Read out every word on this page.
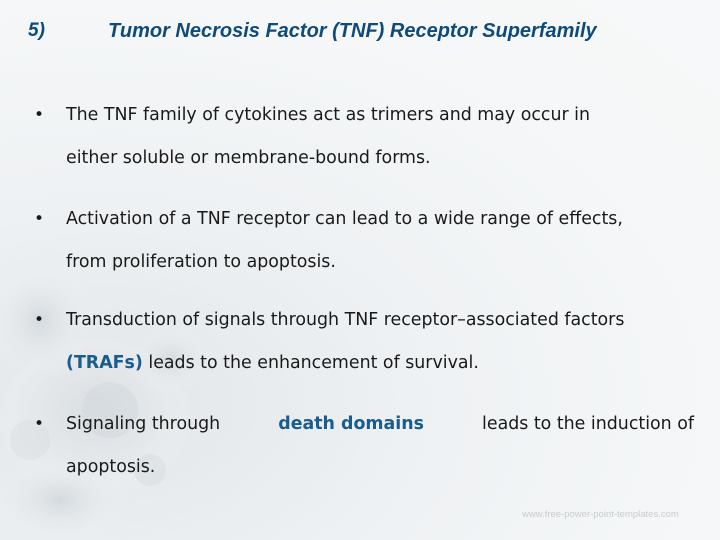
5)	Tumor Necrosis Factor (TNF) Receptor Superfamily
• The TNF family of cytokines act as trimers and may occur in
either soluble or membrane-bound forms.
• Activation of a TNF receptor can lead to a wide range of effects,
from proliferation to apoptosis.
• Transduction of signals through TNF receptor–associated factors
(TRAFs) leads to the enhancement of survival.
• Signaling through	death domains	leads to the induction of
apoptosis.
www.free-power-point-templates.com
